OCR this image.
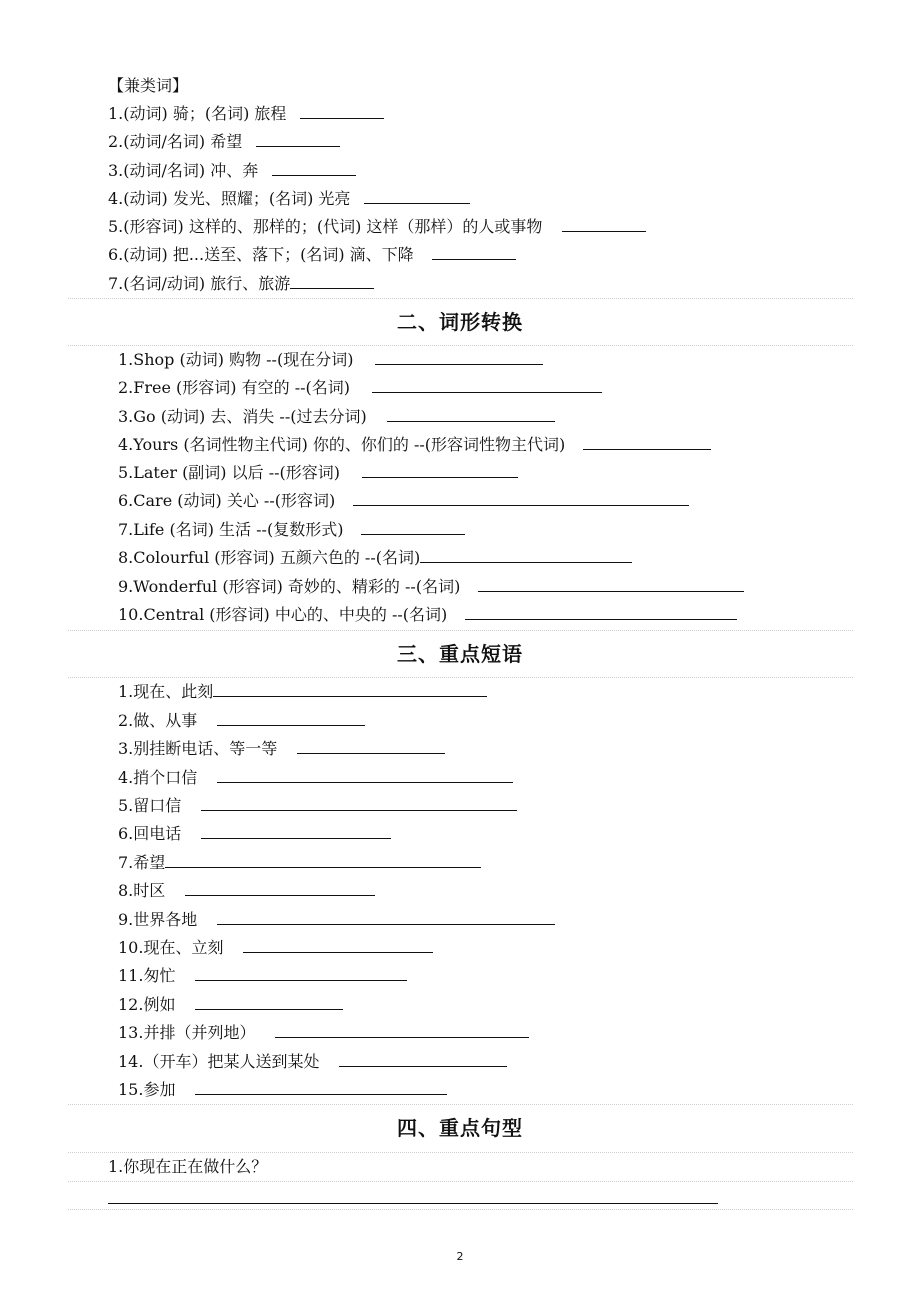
【兼类词】
1.(动词) 骑；(名词) 旅程
2.(动词/名词) 希望
3.(动词/名词) 冲、奔
4.(动词) 发光、照耀；(名词) 光亮
5.(形容词) 这样的、那样的；(代词) 这样（那样）的人或事物
6.(动词) 把...送至、落下；(名词) 滴、下降
7.(名词/动词) 旅行、旅游
二、词形转换
1.Shop (动词) 购物 --(现在分词)
2.Free (形容词) 有空的 --(名词)
3.Go (动词) 去、消失 --(过去分词)
4.Yours (名词性物主代词) 你的、你们的 --(形容词性物主代词)
5.Later (副词) 以后 --(形容词)
6.Care (动词) 关心 --(形容词)
7.Life (名词) 生活 --(复数形式)
8.Colourful (形容词) 五颜六色的 --(名词)
9.Wonderful (形容词) 奇妙的、精彩的 --(名词)
10.Central (形容词) 中心的、中央的 --(名词)
三、重点短语
1.现在、此刻
2.做、从事
3.别挂断电话、等一等
4.捎个口信
5.留口信
6.回电话
7.希望
8.时区
9.世界各地
10.现在、立刻
11.匆忙
12.例如
13.并排（并列地）
14.（开车）把某人送到某处
15.参加
四、重点句型
1.你现在正在做什么？
2
